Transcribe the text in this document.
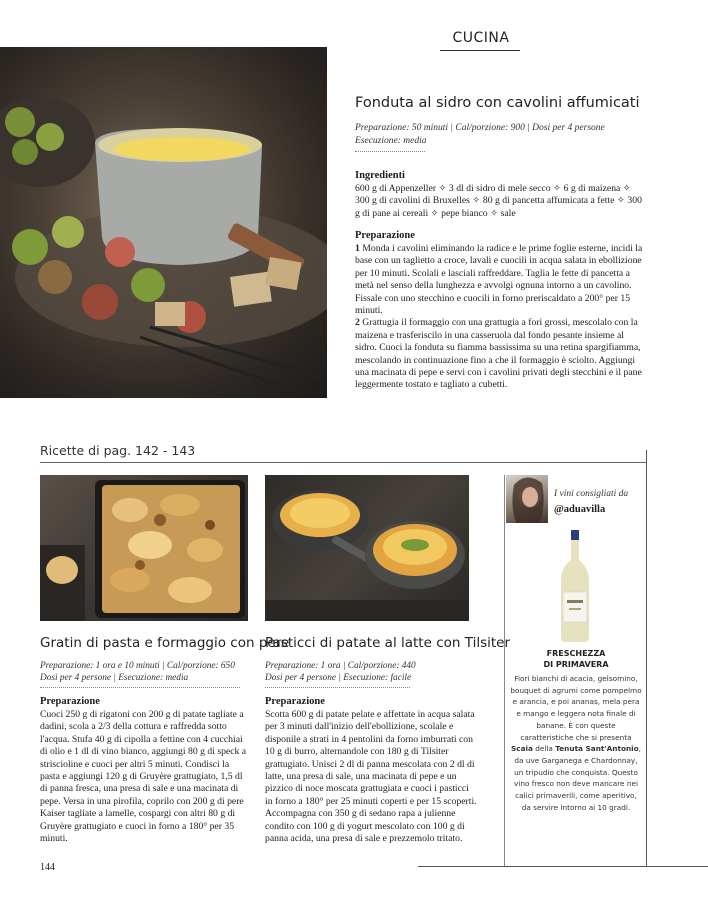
CUCINA
Fonduta al sidro con cavolini affumicati
Preparazione: 50 minuti | Cal/porzione: 900 | Dosi per 4 persone
Esecuzione: media
Ingredienti
600 g di Appenzeller ✧ 3 dl di sidro di mele secco ✧ 6 g di maizena ✧ 300 g di cavolini di Bruxelles ✧ 80 g di pancetta affumicata a fette ✧ 300 g di pane ai cereali ✧ pepe bianco ✧ sale
Preparazione
1 Monda i cavolini eliminando la radice e le prime foglie esterne, incidi la base con un taglietto a croce, lavali e cuocili in acqua salata in ebollizione per 10 minuti. Scolali e lasciali raffreddare. Taglia le fette di pancetta a metà nel senso della lunghezza e avvolgi ognuna intorno a un cavolino. Fissale con uno stecchino e cuocili in forno preriscaldato a 200° per 15 minuti.
2 Grattugia il formaggio con una grattugia a fori grossi, mescolalo con la maizena e trasferiscilo in una casseruola dal fondo pesante insieme al sidro. Cuoci la fonduta su fiamma bassissima su una retina spargifiamma, mescolando in continuazione fino a che il formaggio è sciolto. Aggiungi una macinata di pepe e servi con i cavolini privati degli stecchini e il pane leggermente tostato e tagliato a cubetti.
Ricette di pag. 142 - 143
Gratin di pasta e formaggio con pere
Preparazione: 1 ora e 10 minuti | Cal/porzione: 650
Dosi per 4 persone | Esecuzione: media
Preparazione
Cuoci 250 g di rigatoni con 200 g di patate tagliate a dadini, scola a 2/3 della cottura e raffredda sotto l'acqua. Stufa 40 g di cipolla a fettine con 4 cucchiai di olio e 1 dl di vino bianco, aggiungi 80 g di speck a striscioline e cuoci per altri 5 minuti. Condisci la pasta e aggiungi 120 g di Gruyère grattugiato, 1,5 dl di panna fresca, una presa di sale e una macinata di pepe. Versa in una pirofila, coprilo con 200 g di pere Kaiser tagliate a lamelle, cospargi con altri 80 g di Gruyère grattugiato e cuoci in forno a 180° per 35 minuti.
Pasticci di patate al latte con Tilsiter
Preparazione: 1 ora | Cal/porzione: 440
Dosi per 4 persone | Esecuzione: facile
Preparazione
Scotta 600 g di patate pelate e affettate in acqua salata per 3 minuti dall'inizio dell'ebollizione, scolale e disponile a strati in 4 pentolini da forno imburrati con 10 g di burro, alternandole con 180 g di Tilsiter grattugiato. Unisci 2 dl di panna mescolata con 2 dl di latte, una presa di sale, una macinata di pepe e un pizzico di noce moscata grattugiata e cuoci i pasticci in forno a 180° per 25 minuti coperti e per 15 scoperti. Accompagna con 350 g di sedano rapa a julienne condito con 100 g di yogurt mescolato con 100 g di panna acida, una presa di sale e prezzemolo tritato.
I vini consigliati da
@aduavilla
FRESCHEZZA
DI PRIMAVERA
Fiori bianchi di acacia, gelsomino, bouquet di agrumi come pompelmo e arancia, e poi ananas, mela pera e mango e leggera nota finale di banane. È con queste caratteristiche che si presenta Scaia della Tenuta Sant'Antonio, da uve Garganega e Chardonnay, un tripudio che conquista. Questo vino fresco non deve mancare nei calici primaverili, come aperitivo, da servire intorno ai 10 gradi.
144
